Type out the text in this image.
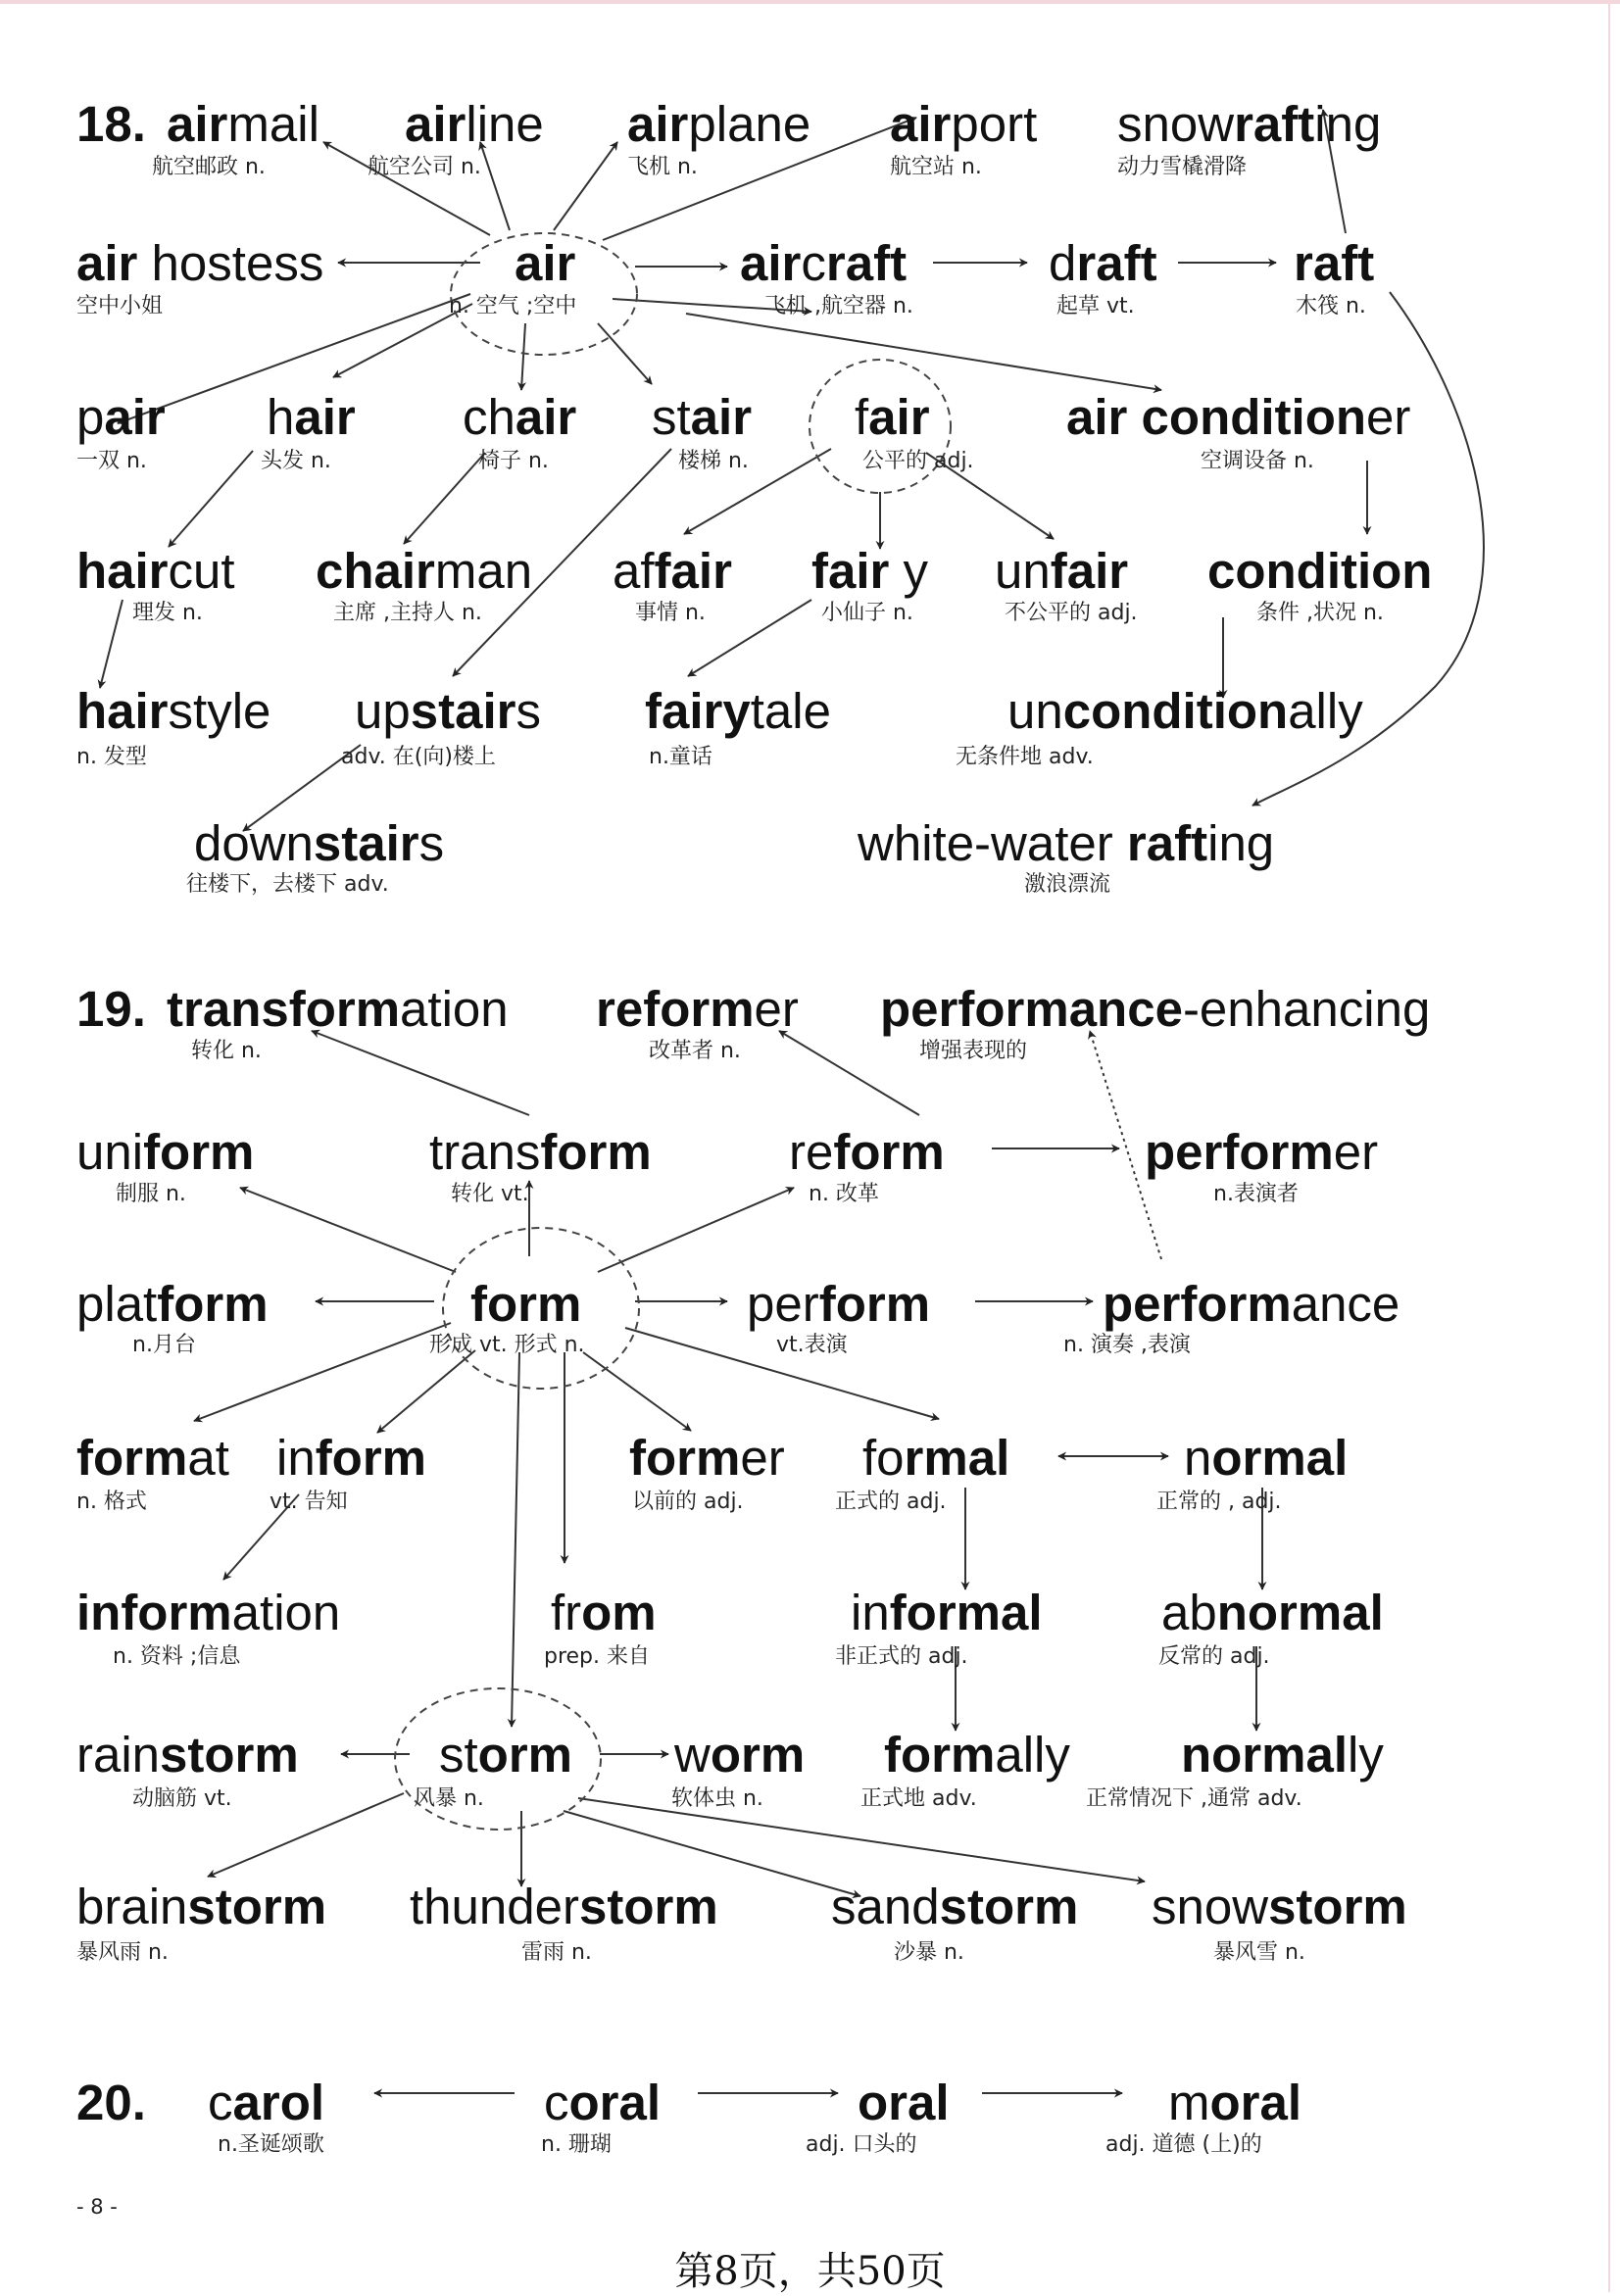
18.
19.
20.
airmail
航空邮政 n.
airline
航空公司 n.
airplane
飞机 n.
airport
航空站 n.
snowrafting
动力雪橇滑降
air hostess
空中小姐
air
n. 空气 ;空中
aircraft
飞机 ,航空器 n.
draft
起草 vt.
raft
木筏 n.
pair
一双 n.
hair
头发 n.
chair
椅子 n.
stair
楼梯 n.
fair
公平的 adj.
air conditioner
空调设备 n.
haircut
理发 n.
chairman
主席 ,主持人 n.
affair
事情 n.
fair y
小仙子 n.
unfair
不公平的 adj.
condition
条件 ,状况 n.
hairstyle
n. 发型
upstairs
adv. 在(向)楼上
fairytale
n.童话
unconditionally
无条件地 adv.
downstairs
往楼下，去楼下 adv.
white-water rafting
激浪漂流
transformation
转化 n.
reformer
改革者 n.
performance-enhancing
增强表现的
uniform
制服 n.
transform
转化 vt.
reform
n. 改革
performer
n.表演者
platform
n.月台
form
形成 vt. 形式 n.
perform
vt.表演
performance
n. 演奏 ,表演
format
n. 格式
inform
vt. 告知
former
以前的 adj.
formal
正式的 adj.
normal
正常的 , adj.
information
n. 资料 ;信息
from
prep. 来自
informal
非正式的 adj.
abnormal
反常的 adj.
rainstorm
动脑筋 vt.
storm
风暴 n.
worm
软体虫 n.
formally
正式地 adv.
normally
正常情况下 ,通常 adv.
brainstorm
暴风雨 n.
thunderstorm
雷雨 n.
sandstorm
沙暴 n.
snowstorm
暴风雪 n.
carol
n.圣诞颂歌
coral
n. 珊瑚
oral
adj. 口头的
moral
adj. 道德 (上)的
- 8 -
第8页，共50页
